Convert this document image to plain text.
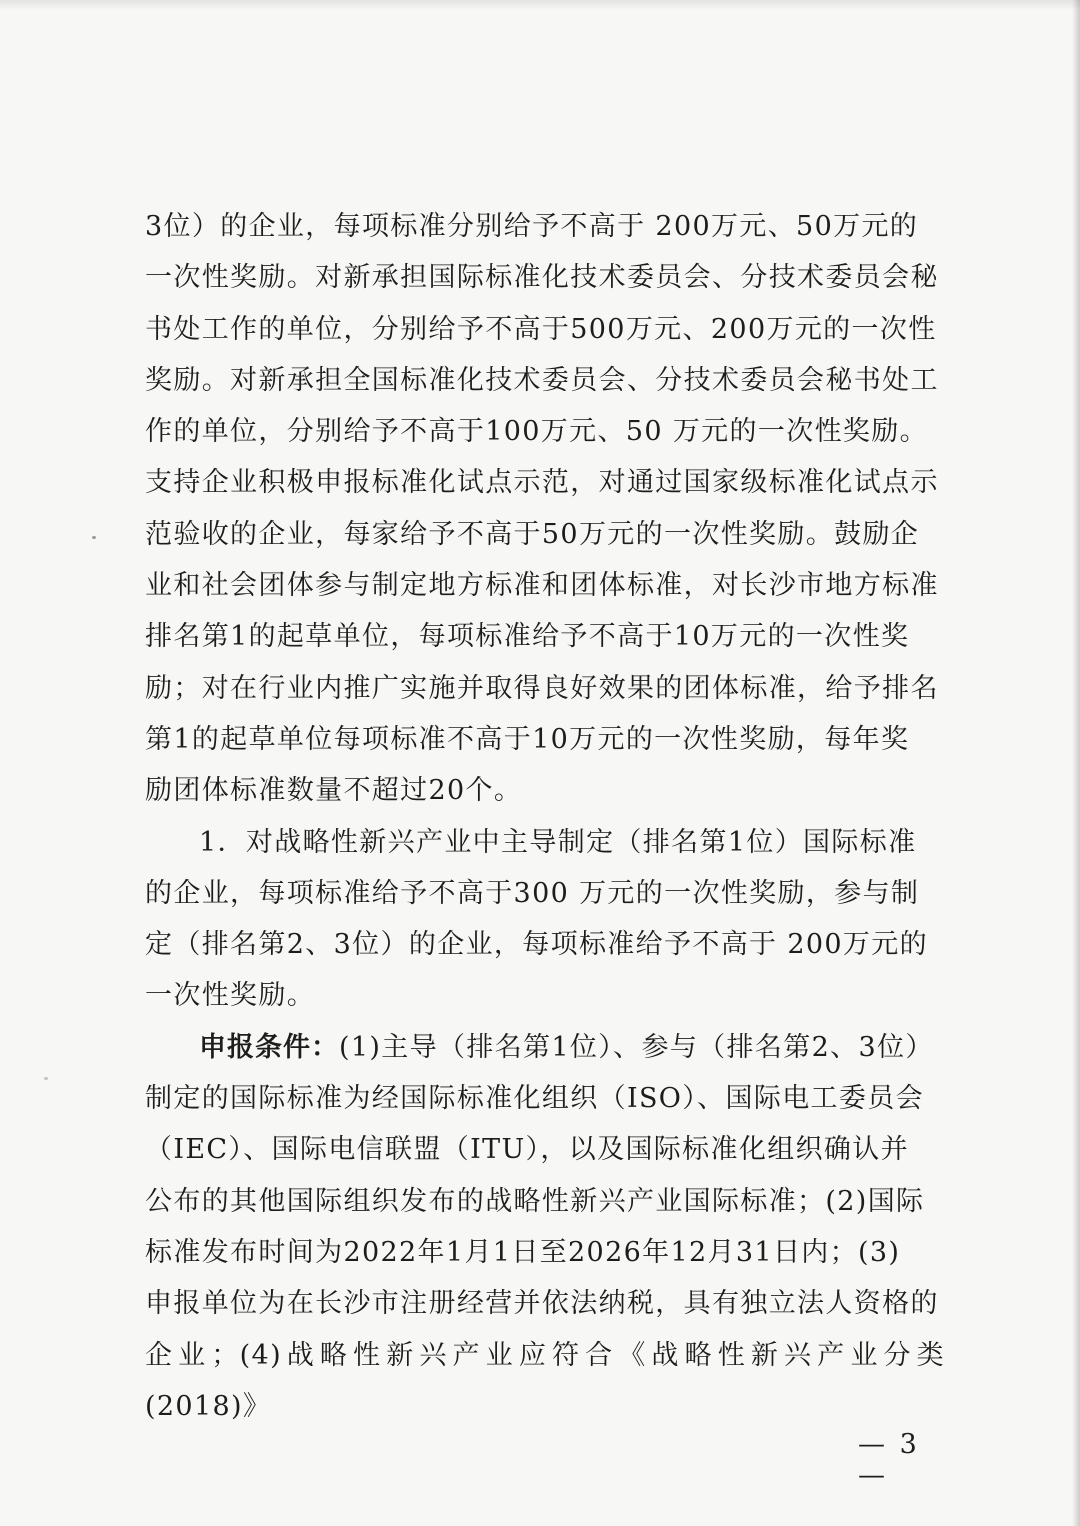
3位）的企业，每项标准分别给予不高于 200万元、50万元的
一次性奖励。对新承担国际标准化技术委员会、分技术委员会秘
书处工作的单位，分别给予不高于500万元、200万元的一次性
奖励。对新承担全国标准化技术委员会、分技术委员会秘书处工
作的单位，分别给予不高于100万元、50 万元的一次性奖励。
支持企业积极申报标准化试点示范，对通过国家级标准化试点示
范验收的企业，每家给予不高于50万元的一次性奖励。鼓励企
业和社会团体参与制定地方标准和团体标准，对长沙市地方标准
排名第1的起草单位，每项标准给予不高于10万元的一次性奖
励；对在行业内推广实施并取得良好效果的团体标准，给予排名
第1的起草单位每项标准不高于10万元的一次性奖励，每年奖
励团体标准数量不超过20个。

1．对战略性新兴产业中主导制定（排名第1位）国际标准
的企业，每项标准给予不高于300 万元的一次性奖励，参与制
定（排名第2、3位）的企业，每项标准给予不高于 200万元的
一次性奖励。

申报条件：(1)主导（排名第1位）、参与（排名第2、3位）
制定的国际标准为经国际标准化组织（ISO）、国际电工委员会
（IEC）、国际电信联盟（ITU），以及国际标准化组织确认并
公布的其他国际组织发布的战略性新兴产业国际标准；(2)国际
标准发布时间为2022年1月1日至2026年12月31日内；(3)
申报单位为在长沙市注册经营并依法纳税，具有独立法人资格的
企业；(4)战略性新兴产业应符合《战略性新兴产业分类(2018)》

— 3 —
